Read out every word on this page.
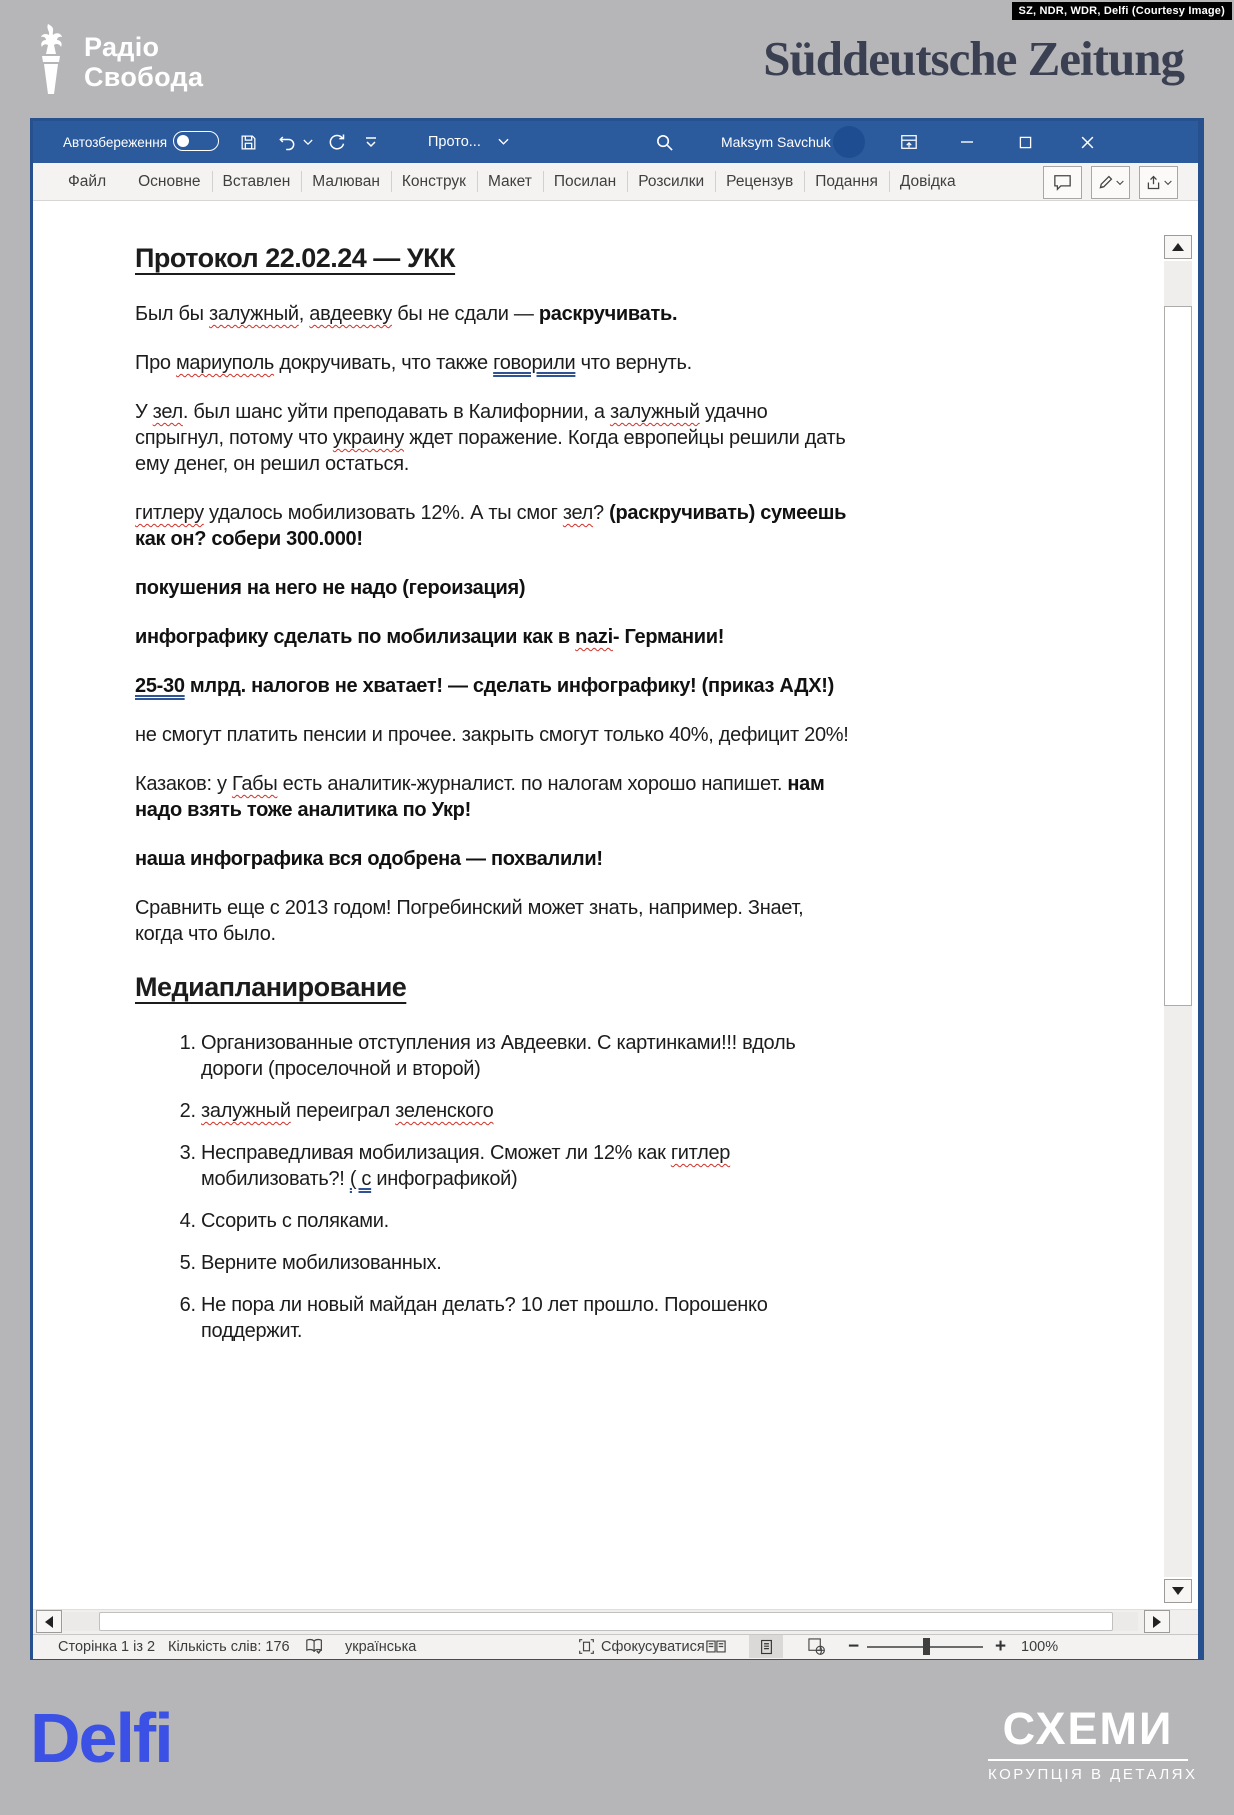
SZ, NDR, WDR, Delfi (Courtesy Image)
Радіо
Свобода	Süddeutsche Zeitung
Delfi	СХЕМИ
КОРУПЦІЯ В ДЕТАЛЯХ
Автозбереження	Прото...	Maksym Savchuk
Файл	Основне	Вставлен	Малюван	Конструк	Макет	Посилан	Розсилки	Рецензув	Подання	Довідка
Протокол 22.02.24 — УКК
Был бы залужный, авдеевку бы не сдали — раскручивать.
Про мариуполь докручивать, что также говорили что вернуть.
У зел. был шанс уйти преподавать в Калифорнии, а залужный удачно
спрыгнул, потому что украину ждет поражение. Когда европейцы решили дать
ему денег, он решил остаться.
гитлеру удалось мобилизовать 12%. А ты смог зел? (раскручивать) сумеешь
как он? собери 300.000!
покушения на него не надо (героизация)
инфографику сделать по мобилизации как в nazi- Германии!
25-30 млрд. налогов не хватает! — сделать инфографику! (приказ АДХ!)
не смогут платить пенсии и прочее. закрыть смогут только 40%, дефицит 20%!
Казаков: у Габы есть аналитик-журналист. по налогам хорошо напишет. нам
надо взять тоже аналитика по Укр!
наша инфографика вся одобрена — похвалили!
Сравнить еще с 2013 годом! Погребинский может знать, например. Знает,
когда что было.
Медиапланирование
1. Организованные отступления из Авдеевки. С картинками!!! вдоль
дороги (проселочной и второй)
2. залужный переиграл зеленского
3. Несправедливая мобилизация. Сможет ли 12% как гитлер
мобилизовать?! ( с инфографикой)
4. Ссорить с поляками.
5. Верните мобилизованных.
6. Не пора ли новый майдан делать? 10 лет прошло. Порошенко
поддержит.
Сторінка 1 із 2 Кількість слів: 176	українська	Сфокусуватися	−	+ 100%
